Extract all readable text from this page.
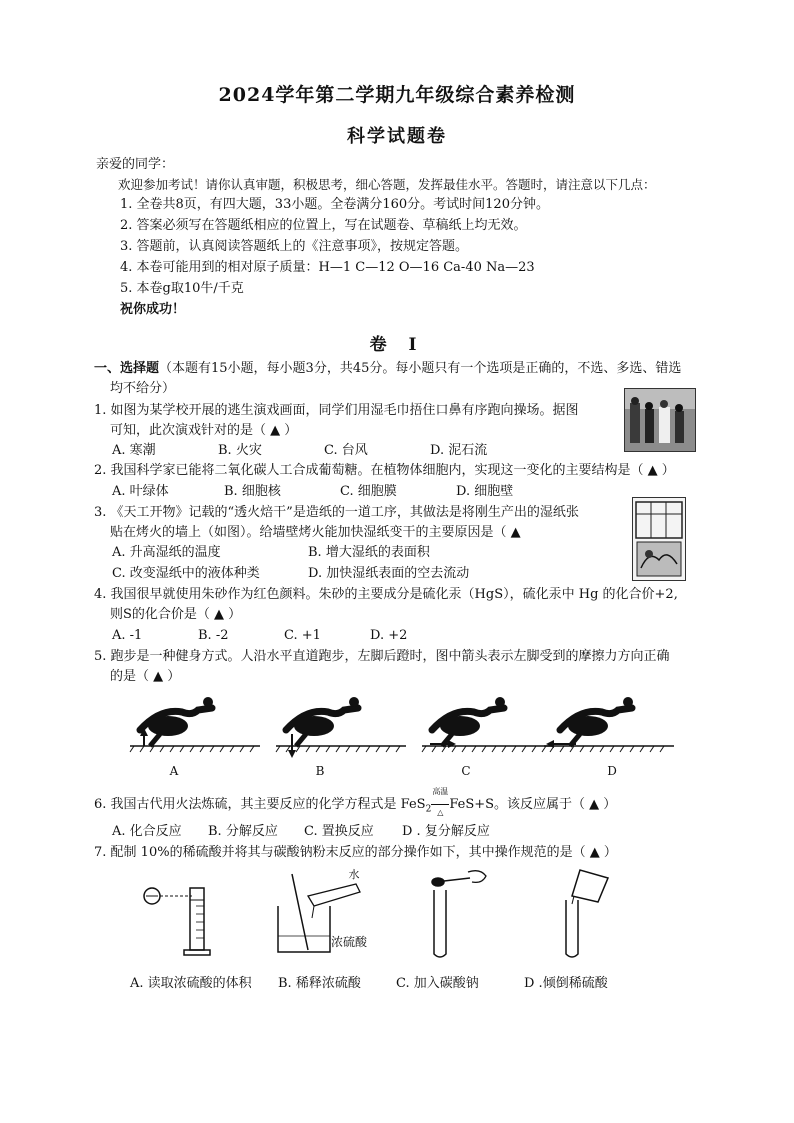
2024学年第二学期九年级综合素养检测
科学试题卷
亲爱的同学：
欢迎参加考试！请你认真审题，积极思考，细心答题，发挥最佳水平。答题时，请注意以下几点：
1. 全卷共8页，有四大题，33小题。全卷满分160分。考试时间120分钟。
2. 答案必须写在答题纸相应的位置上，写在试题卷、草稿纸上均无效。
3. 答题前，认真阅读答题纸上的《注意事项》，按规定答题。
4. 本卷可能用到的相对原子质量：H—1 C—12 O—16 Ca-40 Na—23
5. 本卷g取10牛/千克
祝你成功！
卷 I
一、选择题（本题有15小题，每小题3分，共45分。每小题只有一个选项是正确的，不选、多选、错选
均不给分）
1. 如图为某学校开展的逃生演戏画面，同学们用湿毛巾捂住口鼻有序跑向操场。据图
可知，此次演戏针对的是（ ▲ ）
A. 寒潮	B. 火灾	C. 台风	D. 泥石流
2. 我国科学家已能将二氧化碳人工合成葡萄糖。在植物体细胞内，实现这一变化的主要结构是（ ▲ ）
A. 叶绿体	B. 细胞核	C. 细胞膜	D. 细胞壁
3. 《天工开物》记载的“透火焙干”是造纸的一道工序，其做法是将刚生产出的湿纸张
贴在烤火的墙上（如图）。给墙壁烤火能加快湿纸变干的主要原因是（ ▲
A. 升高湿纸的温度	B. 增大湿纸的表面积
C. 改变湿纸中的液体种类	D. 加快湿纸表面的空去流动
4. 我国很早就使用朱砂作为红色颜料。朱砂的主要成分是硫化汞（HgS），硫化汞中 Hg 的化合价+2,
则S的化合价是（ ▲ ）
A. -1	B. -2	C. +1	D. +2
5. 跑步是一种健身方式。人沿水平直道跑步，左脚后蹬时，图中箭头表示左脚受到的摩擦力方向正确
的是（ ▲ ）
A	B	C	D
6. 我国古代用火法炼硫，其主要反应的化学方程式是 FeS$_2$
高温
△
FeS+S。该反应属于（ ▲ ）
A. 化合反应 B. 分解反应 C. 置换反应 D . 复分解反应
7. 配制 10%的稀硫酸并将其与碳酸钠粉末反应的部分操作如下，其中操作规范的是（ ▲ ）
水
浓硫酸
A. 读取浓硫酸的体积	B. 稀释浓硫酸	C. 加入碳酸钠	D .倾倒稀硫酸
